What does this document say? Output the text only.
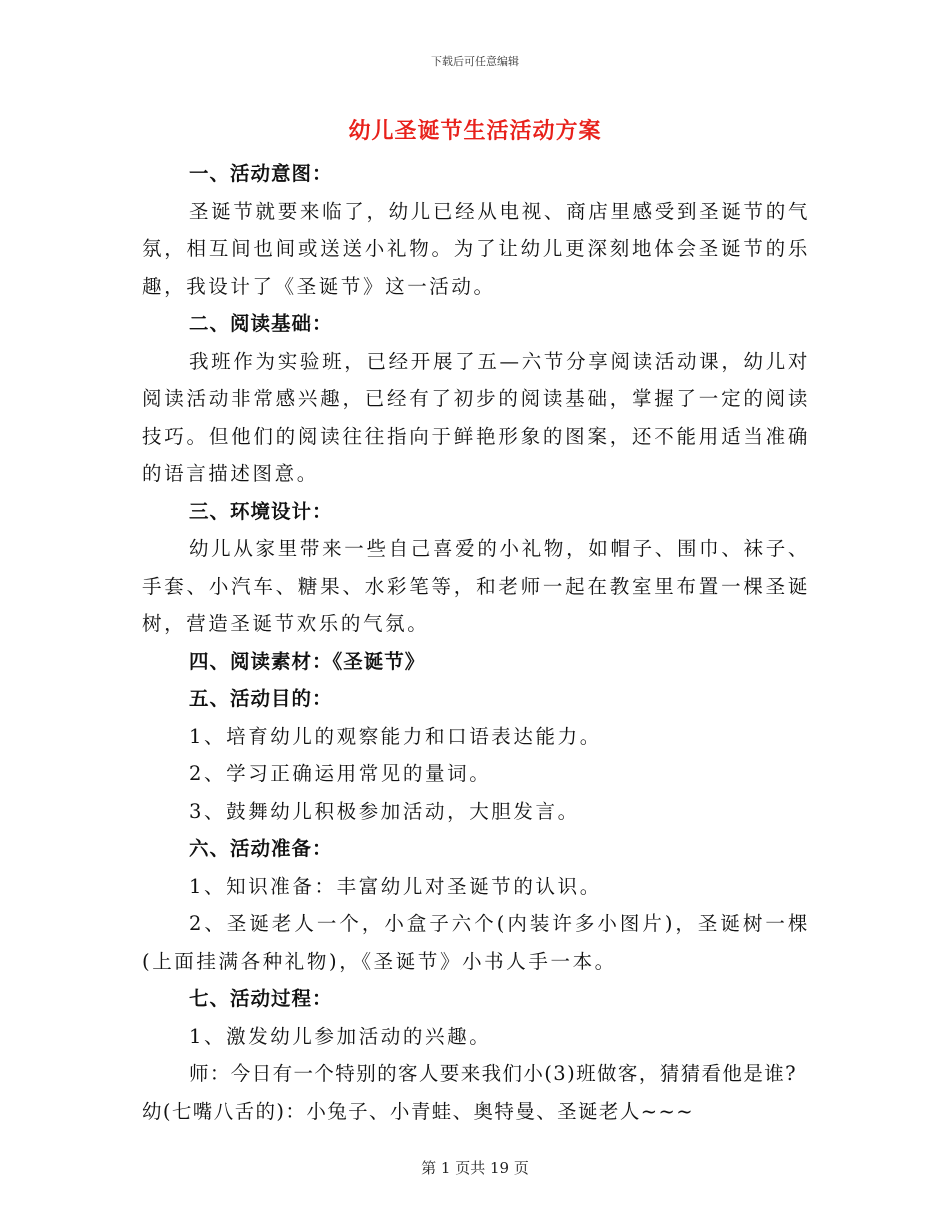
下载后可任意编辑
幼儿圣诞节生活活动方案

一、活动意图：

圣诞节就要来临了，幼儿已经从电视、商店里感受到圣诞节的气氛，相互间也间或送送小礼物。为了让幼儿更深刻地体会圣诞节的乐趣，我设计了《圣诞节》这一活动。

二、阅读基础：

我班作为实验班，已经开展了五—六节分享阅读活动课，幼儿对阅读活动非常感兴趣，已经有了初步的阅读基础，掌握了一定的阅读技巧。但他们的阅读往往指向于鲜艳形象的图案，还不能用适当准确的语言描述图意。

三、环境设计：

幼儿从家里带来一些自己喜爱的小礼物，如帽子、围巾、袜子、手套、小汽车、糖果、水彩笔等，和老师一起在教室里布置一棵圣诞树，营造圣诞节欢乐的气氛。

四、阅读素材：《圣诞节》

五、活动目的：

1、培育幼儿的观察能力和口语表达能力。

2、学习正确运用常见的量词。

3、鼓舞幼儿积极参加活动，大胆发言。

六、活动准备：

1、知识准备：丰富幼儿对圣诞节的认识。

2、圣诞老人一个，小盒子六个(内装许多小图片)，圣诞树一棵(上面挂满各种礼物)，《圣诞节》小书人手一本。

七、活动过程：

1、激发幼儿参加活动的兴趣。

师：今日有一个特别的客人要来我们小(3)班做客，猜猜看他是谁?

幼(七嘴八舌的)：小兔子、小青蛙、奥特曼、圣诞老人~~~

第 1 页共 19 页
